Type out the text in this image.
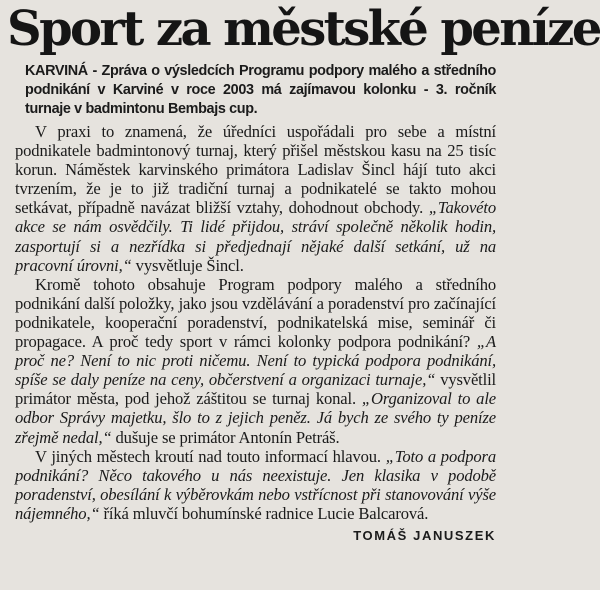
Sport za městské peníze
KARVINÁ - Zpráva o výsledcích Programu podpory malého a středního podnikání v Karviné v roce 2003 má zajímavou kolonku - 3. ročník turnaje v badmintonu Bembajs cup.

V praxi to znamená, že úředníci uspořádali pro sebe a místní podnikatele badmintonový turnaj, který přišel městskou kasu na 25 tisíc korun. Náměstek karvinského primátora Ladislav Šincl hájí tuto akci tvrzením, že je to již tradiční turnaj a podnikatelé se takto mohou setkávat, případně navázat bližší vztahy, dohodnout obchody. „Takovéto akce se nám osvědčily. Ti lidé přijdou, stráví společně několik hodin, zasportují si a nezřídka si předjednají nějaké další setkání, už na pracovní úrovni,“ vysvětluje Šincl.

Kromě tohoto obsahuje Program podpory malého a středního podnikání další položky, jako jsou vzdělávání a poradenství pro začínající podnikatele, kooperační poradenství, podnikatelská mise, seminář či propagace. A proč tedy sport v rámci kolonky podpora podnikání? „A proč ne? Není to nic proti ničemu. Není to typická podpora podnikání, spíše se daly peníze na ceny, občerstvení a organizaci turnaje,“ vysvětlil primátor města, pod jehož záštitou se turnaj konal. „Organizoval to ale odbor Správy majetku, šlo to z jejich peněz. Já bych ze svého ty peníze zřejmě nedal,“ dušuje se primátor Antonín Petráš.

V jiných městech kroutí nad touto informací hlavou. „Toto a podpora podnikání? Něco takového u nás neexistuje. Jen klasika v podobě poradenství, obesílání k výběrovkám nebo vstřícnost při stanovování výše nájemného,“ říká mluvčí bohumínské radnice Lucie Balcarová.
TOMÁŠ JANUSZEK
